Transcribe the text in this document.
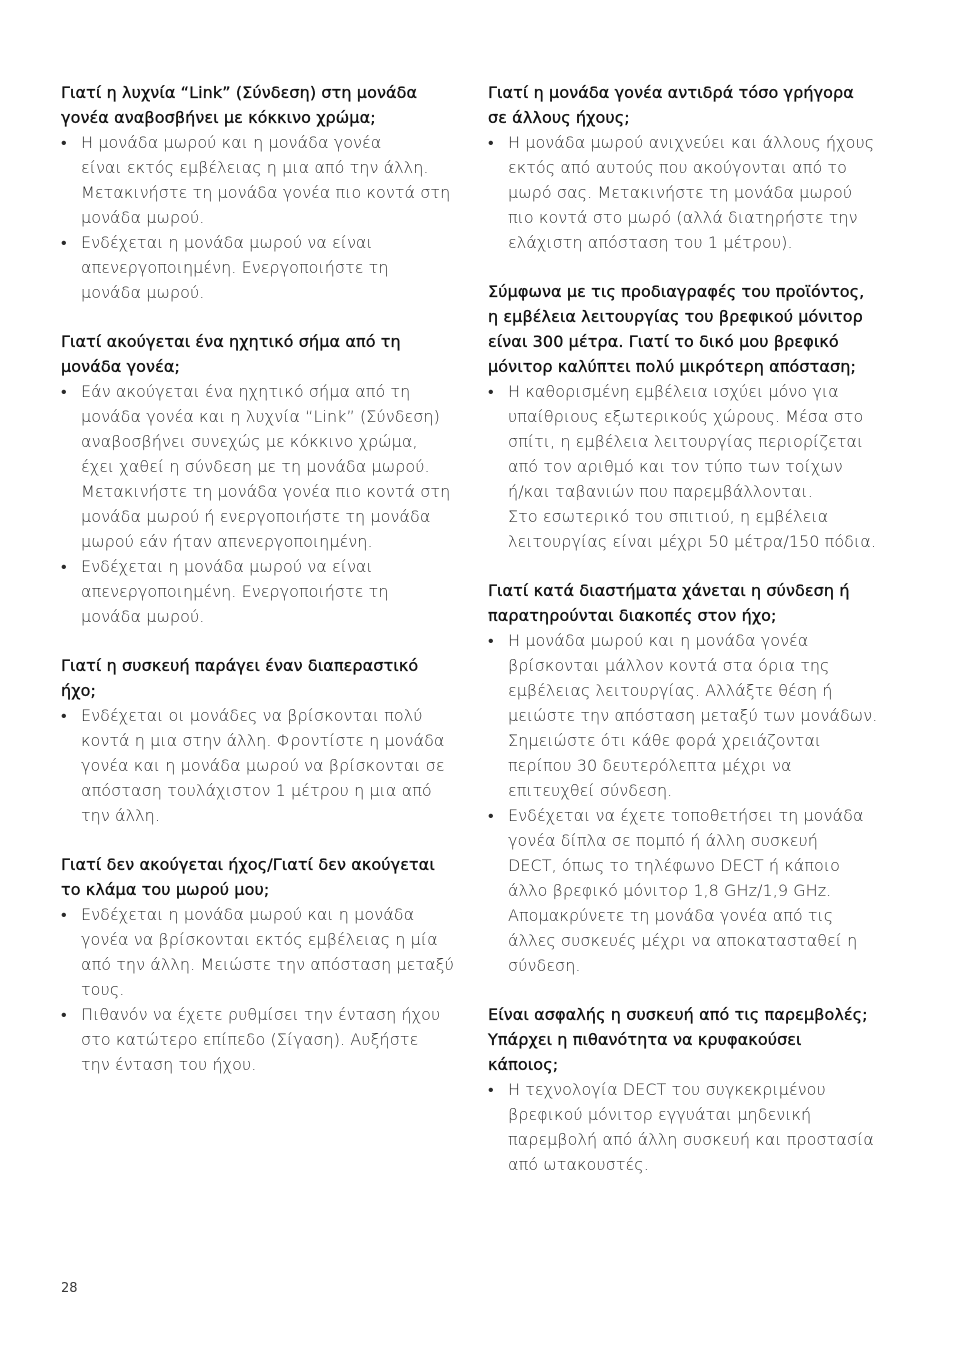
Γιατί η λυχνία “Link” (Σύνδεση) στη μονάδα
γονέα αναβοσβήνει με κόκκινο χρώμα;

• Η μονάδα μωρού και η μονάδα γονέα
είναι εκτός εμβέλειας η μια από την άλλη.
Μετακινήστε τη μονάδα γονέα πιο κοντά στη
μονάδα μωρού.
• Ενδέχεται η μονάδα μωρού να είναι
απενεργοποιημένη. Ενεργοποιήστε τη
μονάδα μωρού.

Γιατί ακούγεται ένα ηχητικό σήμα από τη
μονάδα γονέα;

• Εάν ακούγεται ένα ηχητικό σήμα από τη
μονάδα γονέα και η λυχνία “Link” (Σύνδεση)
αναβοσβήνει συνεχώς με κόκκινο χρώμα,
έχει χαθεί η σύνδεση με τη μονάδα μωρού.
Μετακινήστε τη μονάδα γονέα πιο κοντά στη
μονάδα μωρού ή ενεργοποιήστε τη μονάδα
μωρού εάν ήταν απενεργοποιημένη.
• Ενδέχεται η μονάδα μωρού να είναι
απενεργοποιημένη. Ενεργοποιήστε τη
μονάδα μωρού.

Γιατί η συσκευή παράγει έναν διαπεραστικό
ήχο;

• Ενδέχεται οι μονάδες να βρίσκονται πολύ
κοντά η μια στην άλλη. Φροντίστε η μονάδα
γονέα και η μονάδα μωρού να βρίσκονται σε
απόσταση τουλάχιστον 1 μέτρου η μια από
την άλλη.

Γιατί δεν ακούγεται ήχος/Γιατί δεν ακούγεται
το κλάμα του μωρού μου;

• Ενδέχεται η μονάδα μωρού και η μονάδα
γονέα να βρίσκονται εκτός εμβέλειας η μία
από την άλλη. Μειώστε την απόσταση μεταξύ
τους.
• Πιθανόν να έχετε ρυθμίσει την ένταση ήχου
στο κατώτερο επίπεδο (Σίγαση). Αυξήστε
την ένταση του ήχου.

Γιατί η μονάδα γονέα αντιδρά τόσο γρήγορα
σε άλλους ήχους;

• Η μονάδα μωρού ανιχνεύει και άλλους ήχους
εκτός από αυτούς που ακούγονται από το
μωρό σας. Μετακινήστε τη μονάδα μωρού
πιο κοντά στο μωρό (αλλά διατηρήστε την
ελάχιστη απόσταση του 1 μέτρου).

Σύμφωνα με τις προδιαγραφές του προϊόντος,
η εμβέλεια λειτουργίας του βρεφικού μόνιτορ
είναι 300 μέτρα. Γιατί το δικό μου βρεφικό
μόνιτορ καλύπτει πολύ μικρότερη απόσταση;

• Η καθορισμένη εμβέλεια ισχύει μόνο για
υπαίθριους εξωτερικούς χώρους. Μέσα στο
σπίτι, η εμβέλεια λειτουργίας περιορίζεται
από τον αριθμό και τον τύπο των τοίχων
ή/και ταβανιών που παρεμβάλλονται.
Στο εσωτερικό του σπιτιού, η εμβέλεια
λειτουργίας είναι μέχρι 50 μέτρα/150 πόδια.

Γιατί κατά διαστήματα χάνεται η σύνδεση ή
παρατηρούνται διακοπές στον ήχο;

• Η μονάδα μωρού και η μονάδα γονέα
βρίσκονται μάλλον κοντά στα όρια της
εμβέλειας λειτουργίας. Αλλάξτε θέση ή
μειώστε την απόσταση μεταξύ των μονάδων.
Σημειώστε ότι κάθε φορά χρειάζονται
περίπου 30 δευτερόλεπτα μέχρι να
επιτευχθεί σύνδεση.
• Ενδέχεται να έχετε τοποθετήσει τη μονάδα
γονέα δίπλα σε πομπό ή άλλη συσκευή
DECT, όπως το τηλέφωνο DECT ή κάποιο
άλλο βρεφικό μόνιτορ 1,8 GHz/1,9 GHz.
Απομακρύνετε τη μονάδα γονέα από τις
άλλες συσκευές μέχρι να αποκατασταθεί η
σύνδεση.

Είναι ασφαλής η συσκευή από τις παρεμβολές;
Υπάρχει η πιθανότητα να κρυφακούσει
κάποιος;

• Η τεχνολογία DECT του συγκεκριμένου
βρεφικού μόνιτορ εγγυάται μηδενική
παρεμβολή από άλλη συσκευή και προστασία
από ωτακουστές.
28
